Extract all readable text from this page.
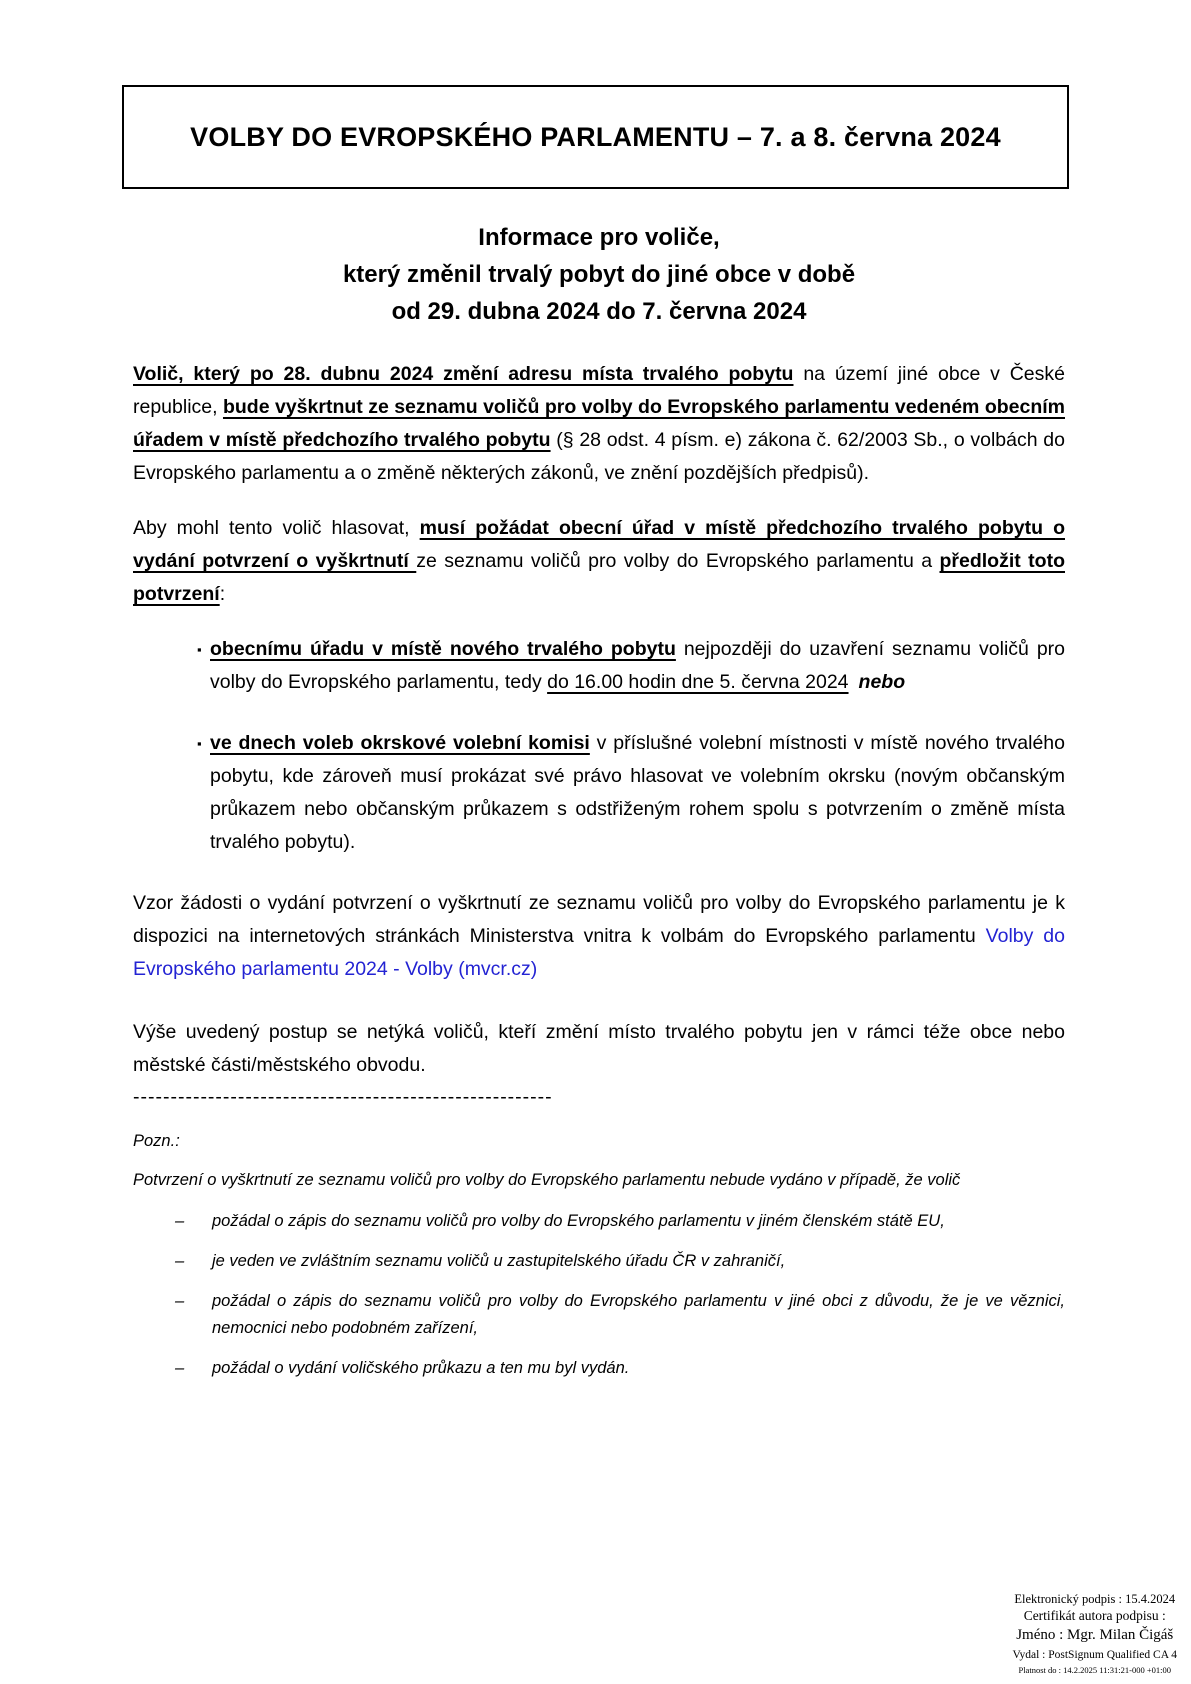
VOLBY DO EVROPSKÉHO PARLAMENTU – 7. a 8. června 2024
Informace pro voliče,
který změnil trvalý pobyt do jiné obce v době
od 29. dubna 2024 do 7. června 2024

Volič, který po 28. dubnu 2024 změní adresu místa trvalého pobytu na území jiné obce v České republice, bude vyškrtnut ze seznamu voličů pro volby do Evropského parlamentu vedeném obecním úřadem v místě předchozího trvalého pobytu (§ 28 odst. 4 písm. e) zákona č. 62/2003 Sb., o volbách do Evropského parlamentu a o změně některých zákonů, ve znění pozdějších předpisů).

Aby mohl tento volič hlasovat, musí požádat obecní úřad v místě předchozího trvalého pobytu o vydání potvrzení o vyškrtnutí ze seznamu voličů pro volby do Evropského parlamentu a předložit toto potvrzení:

▪ obecnímu úřadu v místě nového trvalého pobytu nejpozději do uzavření seznamu voličů pro volby do Evropského parlamentu, tedy do 16.00 hodin dne 5. června 2024 nebo
▪ ve dnech voleb okrskové volební komisi v příslušné volební místnosti v místě nového trvalého pobytu, kde zároveň musí prokázat své právo hlasovat ve volebním okrsku (novým občanským průkazem nebo občanským průkazem s odstřiženým rohem spolu s potvrzením o změně místa trvalého pobytu).

Vzor žádosti o vydání potvrzení o vyškrtnutí ze seznamu voličů pro volby do Evropského parlamentu je k dispozici na internetových stránkách Ministerstva vnitra k volbám do Evropského parlamentu Volby do Evropského parlamentu 2024 - Volby (mvcr.cz)

Výše uvedený postup se netýká voličů, kteří změní místo trvalého pobytu jen v rámci téže obce nebo městské části/městského obvodu.

--------------------------------------------------------
Pozn.:
Potvrzení o vyškrtnutí ze seznamu voličů pro volby do Evropského parlamentu nebude vydáno v případě, že volič
–	požádal o zápis do seznamu voličů pro volby do Evropského parlamentu v jiném členském státě EU,
–	je veden ve zvláštním seznamu voličů u zastupitelského úřadu ČR v zahraničí,
–	požádal o zápis do seznamu voličů pro volby do Evropského parlamentu v jiné obci z důvodu, že je ve věznici, nemocnici nebo podobném zařízení,
–	požádal o vydání voličského průkazu a ten mu byl vydán.
Elektronický podpis : 15.4.2024
Certifikát autora podpisu :
Jméno : Mgr. Milan Čigáš
Vydal : PostSignum Qualified CA 4
Platnost do : 14.2.2025 11:31:21-000 +01:00
